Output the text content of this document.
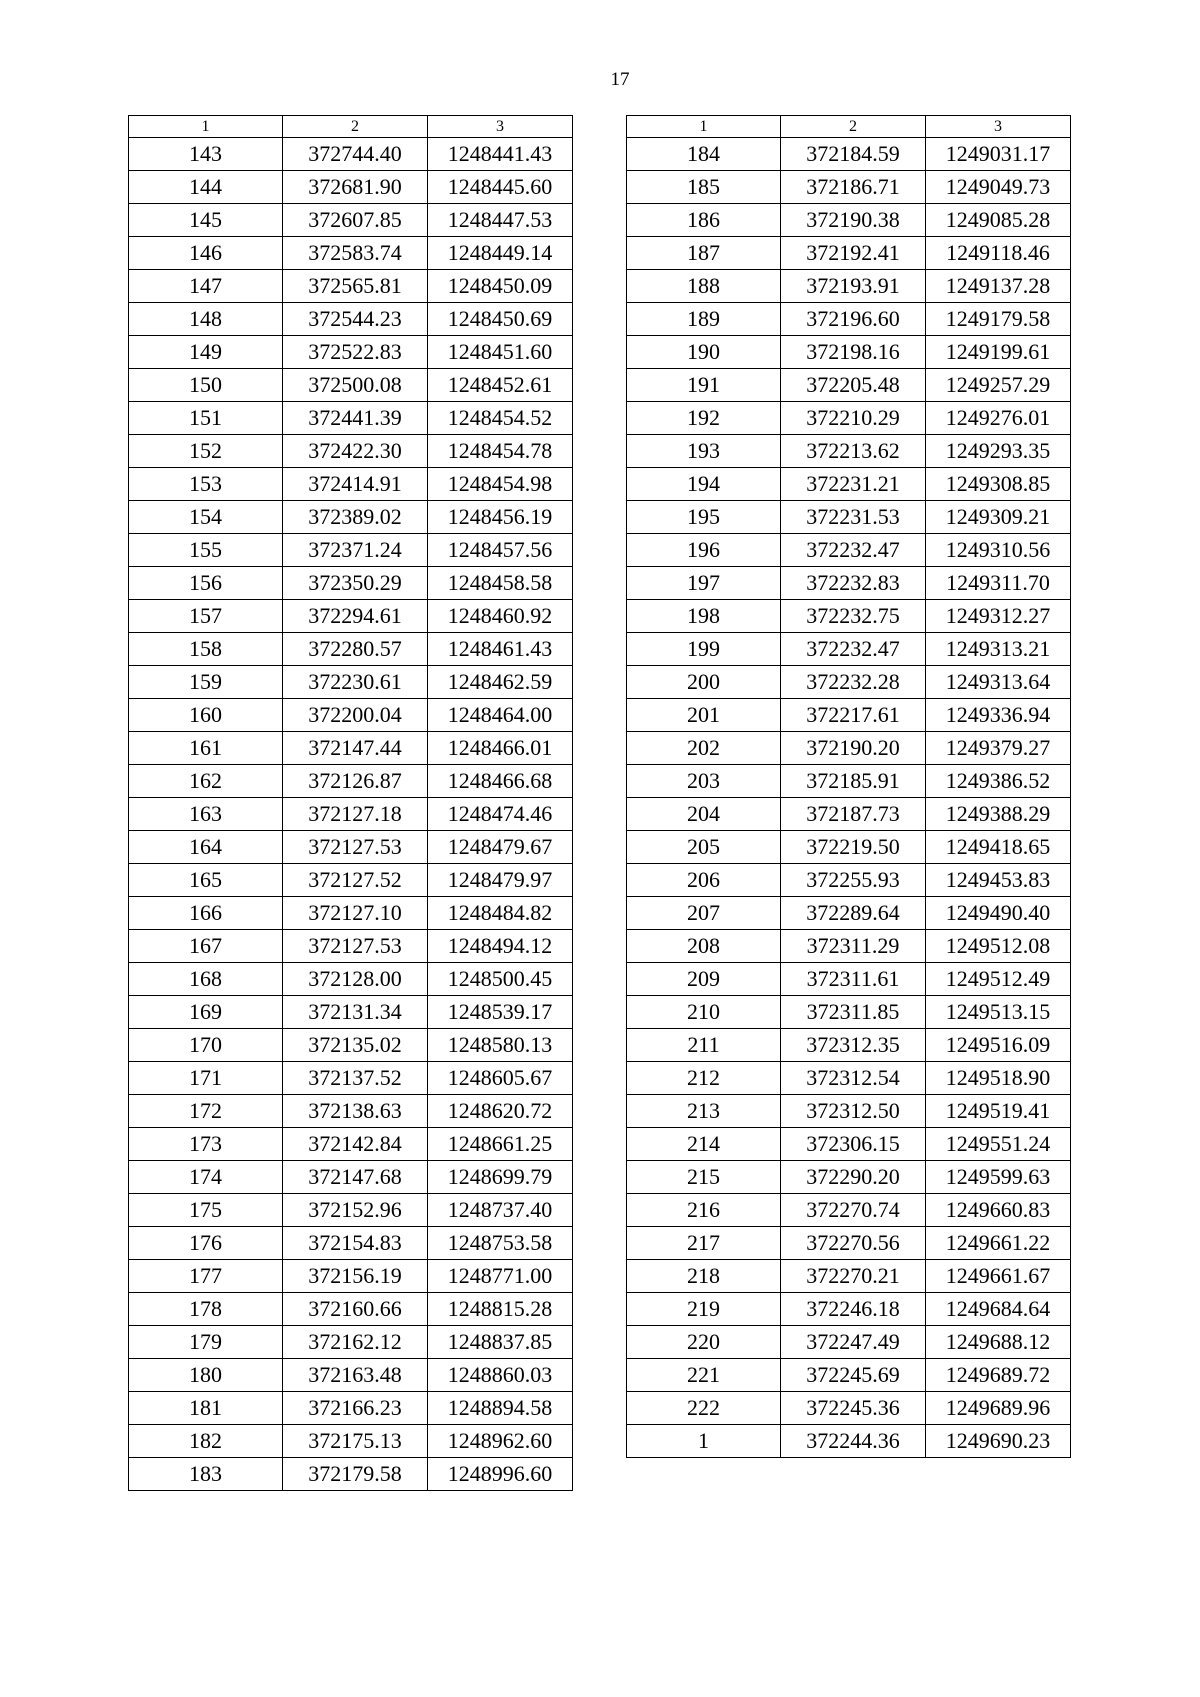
17
1	2	3
143	372744.40	1248441.43
144	372681.90	1248445.60
145	372607.85	1248447.53
146	372583.74	1248449.14
147	372565.81	1248450.09
148	372544.23	1248450.69
149	372522.83	1248451.60
150	372500.08	1248452.61
151	372441.39	1248454.52
152	372422.30	1248454.78
153	372414.91	1248454.98
154	372389.02	1248456.19
155	372371.24	1248457.56
156	372350.29	1248458.58
157	372294.61	1248460.92
158	372280.57	1248461.43
159	372230.61	1248462.59
160	372200.04	1248464.00
161	372147.44	1248466.01
162	372126.87	1248466.68
163	372127.18	1248474.46
164	372127.53	1248479.67
165	372127.52	1248479.97
166	372127.10	1248484.82
167	372127.53	1248494.12
168	372128.00	1248500.45
169	372131.34	1248539.17
170	372135.02	1248580.13
171	372137.52	1248605.67
172	372138.63	1248620.72
173	372142.84	1248661.25
174	372147.68	1248699.79
175	372152.96	1248737.40
176	372154.83	1248753.58
177	372156.19	1248771.00
178	372160.66	1248815.28
179	372162.12	1248837.85
180	372163.48	1248860.03
181	372166.23	1248894.58
182	372175.13	1248962.60
183	372179.58	1248996.60
1	2	3
184	372184.59	1249031.17
185	372186.71	1249049.73
186	372190.38	1249085.28
187	372192.41	1249118.46
188	372193.91	1249137.28
189	372196.60	1249179.58
190	372198.16	1249199.61
191	372205.48	1249257.29
192	372210.29	1249276.01
193	372213.62	1249293.35
194	372231.21	1249308.85
195	372231.53	1249309.21
196	372232.47	1249310.56
197	372232.83	1249311.70
198	372232.75	1249312.27
199	372232.47	1249313.21
200	372232.28	1249313.64
201	372217.61	1249336.94
202	372190.20	1249379.27
203	372185.91	1249386.52
204	372187.73	1249388.29
205	372219.50	1249418.65
206	372255.93	1249453.83
207	372289.64	1249490.40
208	372311.29	1249512.08
209	372311.61	1249512.49
210	372311.85	1249513.15
211	372312.35	1249516.09
212	372312.54	1249518.90
213	372312.50	1249519.41
214	372306.15	1249551.24
215	372290.20	1249599.63
216	372270.74	1249660.83
217	372270.56	1249661.22
218	372270.21	1249661.67
219	372246.18	1249684.64
220	372247.49	1249688.12
221	372245.69	1249689.72
222	372245.36	1249689.96
1	372244.36	1249690.23
